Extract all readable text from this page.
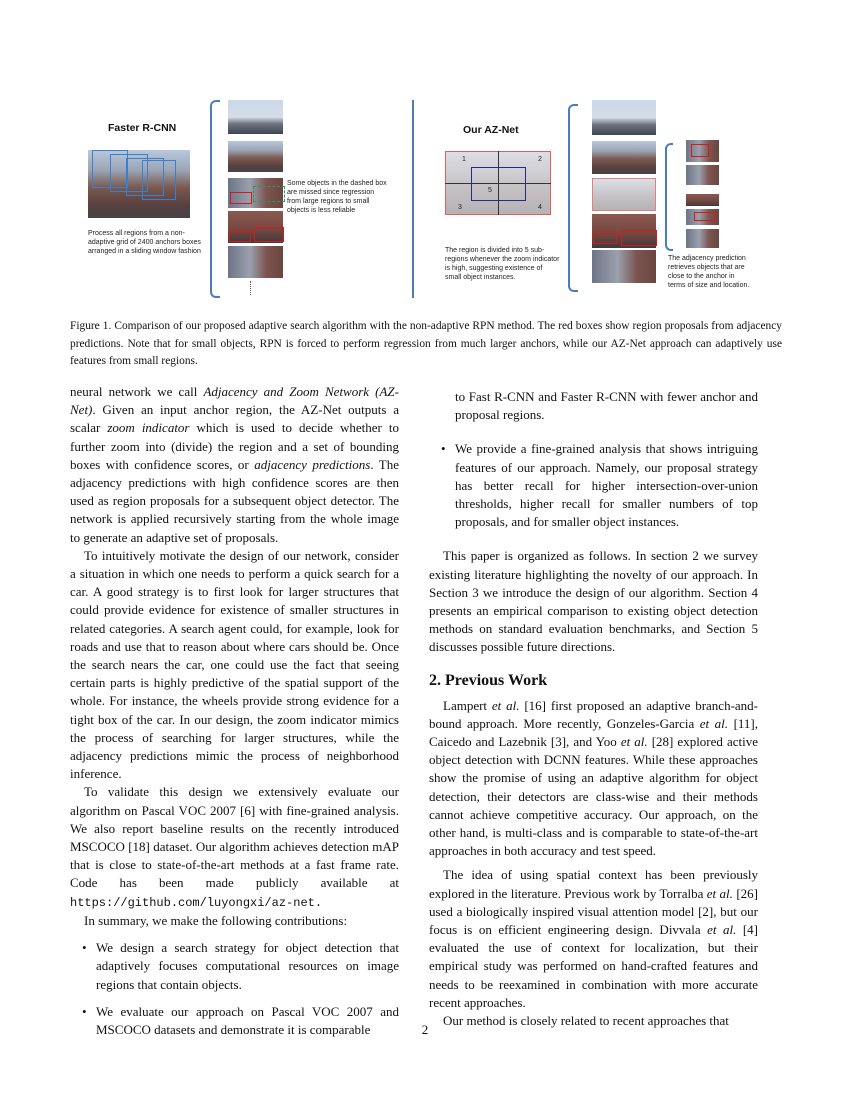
Faster R-CNN
Process all regions from a non-adaptive grid of 2400 anchors boxes arranged in a sliding window fashion
Some objects in the dashed box are missed since regression from large regions to small objects is less reliable
Our AZ-Net
1	2
5
4
3
The region is divided into 5 sub-regions whenever the zoom indicator is high, suggesting existence of small object instances.
The adjacency prediction retrieves objects that are close to the anchor in terms of size and location.
Figure 1. Comparison of our proposed adaptive search algorithm with the non-adaptive RPN method. The red boxes show region proposals from adjacency predictions. Note that for small objects, RPN is forced to perform regression from much larger anchors, while our AZ-Net approach can adaptively use features from small regions.

neural network we call Adjacency and Zoom Network (AZ-Net). Given an input anchor region, the AZ-Net outputs a scalar zoom indicator which is used to decide whether to further zoom into (divide) the region and a set of bounding boxes with confidence scores, or adjacency predictions. The adjacency predictions with high confidence scores are then used as region proposals for a subsequent object detector. The network is applied recursively starting from the whole image to generate an adaptive set of proposals.

To intuitively motivate the design of our network, consider a situation in which one needs to perform a quick search for a car. A good strategy is to first look for larger structures that could provide evidence for existence of smaller structures in related categories. A search agent could, for example, look for roads and use that to reason about where cars should be. Once the search nears the car, one could use the fact that seeing certain parts is highly predictive of the spatial support of the whole. For instance, the wheels provide strong evidence for a tight box of the car. In our design, the zoom indicator mimics the process of searching for larger structures, while the adjacency predictions mimic the process of neighborhood inference.

To validate this design we extensively evaluate our algorithm on Pascal VOC 2007 [6] with fine-grained analysis. We also report baseline results on the recently introduced MSCOCO [18] dataset. Our algorithm achieves detection mAP that is close to state-of-the-art methods at a fast frame rate. Code has been made publicly available at https://github.com/luyongxi/az-net.

In summary, we make the following contributions:

• We design a search strategy for object detection that adaptively focuses computational resources on image regions that contain objects.
• We evaluate our approach on Pascal VOC 2007 and MSCOCO datasets and demonstrate it is comparable
to Fast R-CNN and Faster R-CNN with fewer anchor and proposal regions.
• We provide a fine-grained analysis that shows intriguing features of our approach. Namely, our proposal strategy has better recall for higher intersection-over-union thresholds, higher recall for smaller numbers of top proposals, and for smaller object instances.

This paper is organized as follows. In section 2 we survey existing literature highlighting the novelty of our approach. In Section 3 we introduce the design of our algorithm. Section 4 presents an empirical comparison to existing object detection methods on standard evaluation benchmarks, and Section 5 discusses possible future directions.

2. Previous Work

Lampert et al. [16] first proposed an adaptive branch-and-bound approach. More recently, Gonzeles-Garcia et al. [11], Caicedo and Lazebnik [3], and Yoo et al. [28] explored active object detection with DCNN features. While these approaches show the promise of using an adaptive algorithm for object detection, their detectors are class-wise and their methods cannot achieve competitive accuracy. Our approach, on the other hand, is multi-class and is comparable to state-of-the-art approaches in both accuracy and test speed.

The idea of using spatial context has been previously explored in the literature. Previous work by Torralba et al. [26] used a biologically inspired visual attention model [2], but our focus is on efficient engineering design. Divvala et al. [4] evaluated the use of context for localization, but their empirical study was performed on hand-crafted features and needs to be reexamined in combination with more accurate recent approaches.

Our method is closely related to recent approaches that

2
